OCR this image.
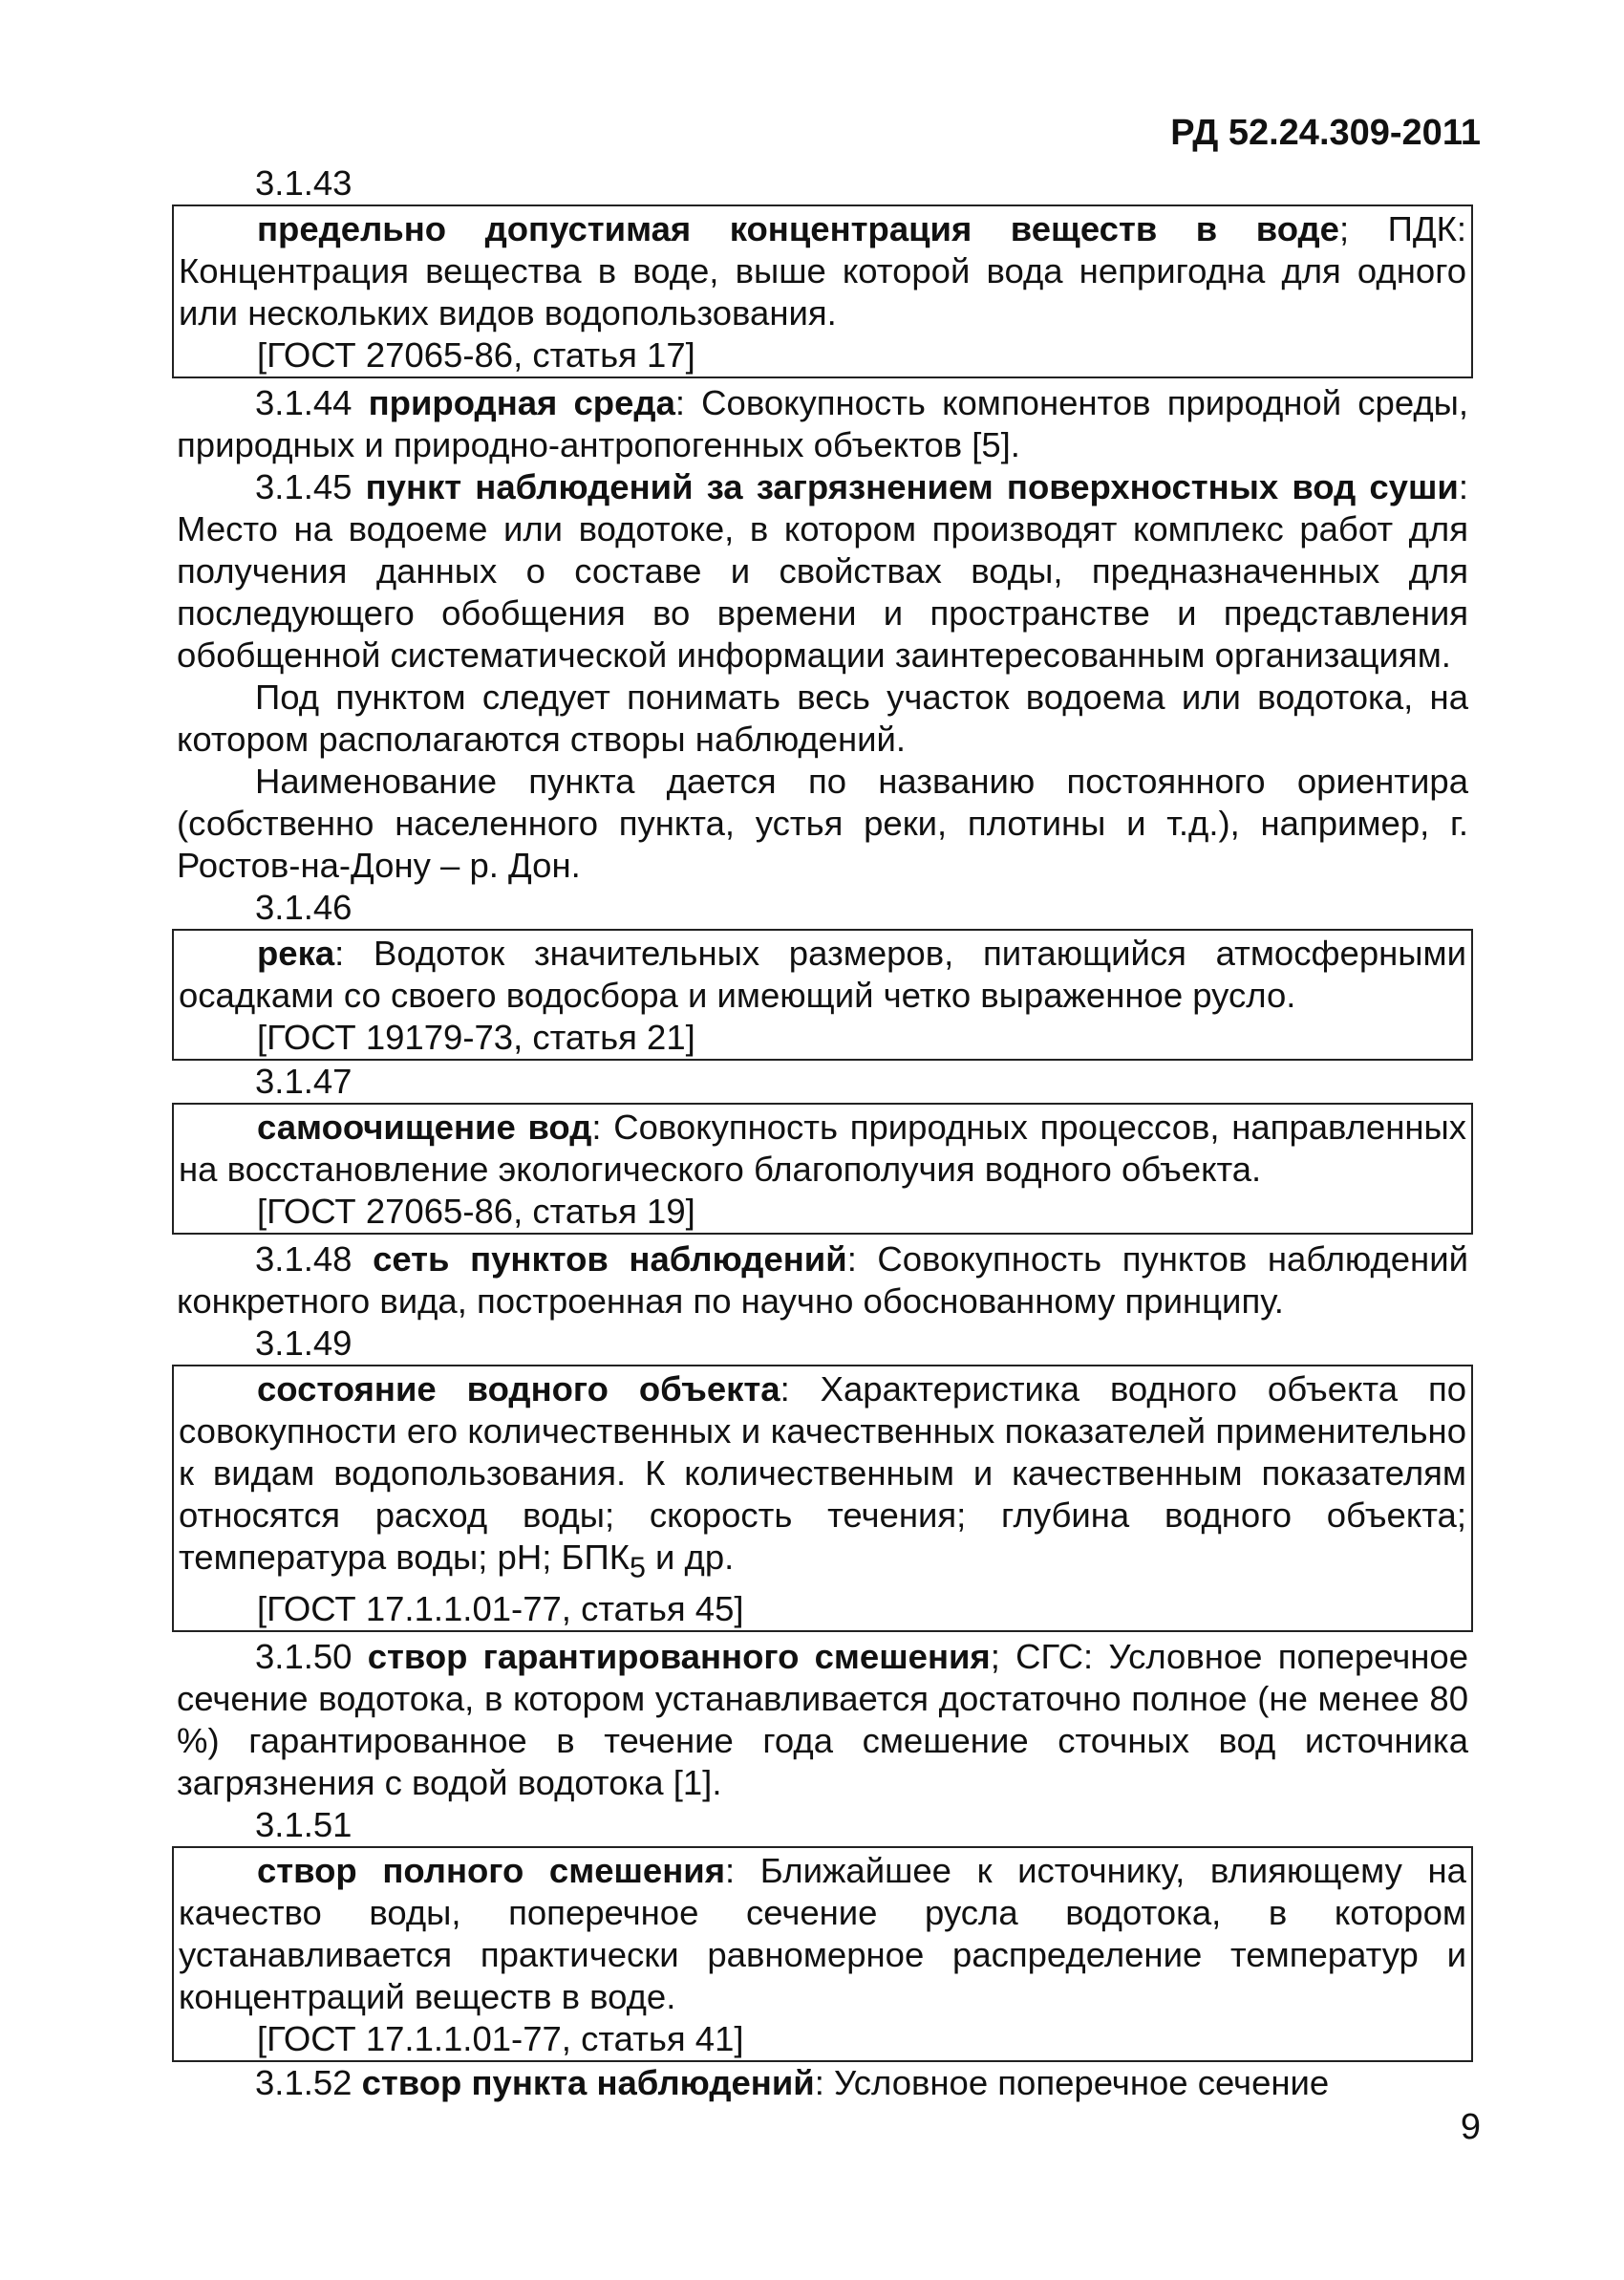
РД 52.24.309-2011
3.1.43

предельно допустимая концентрация веществ в воде; ПДК: Концентрация вещества в воде, выше которой вода непригодна для одного или нескольких видов водопользования.

[ГОСТ 27065-86, статья 17]

3.1.44 природная среда: Совокупность компонентов природной среды, природных и природно-антропогенных объектов [5].

3.1.45 пункт наблюдений за загрязнением поверхностных вод суши: Место на водоеме или водотоке, в котором производят комплекс работ для получения данных о составе и свойствах воды, предназначенных для последующего обобщения во времени и пространстве и представления обобщенной систематической информации заинтересованным организациям.

Под пунктом следует понимать весь участок водоема или водотока, на котором располагаются створы наблюдений.

Наименование пункта дается по названию постоянного ориентира (собственно населенного пункта, устья реки, плотины и т.д.), например, г. Ростов-на-Дону – р. Дон.

3.1.46

река: Водоток значительных размеров, питающийся атмосферными осадками со своего водосбора и имеющий четко выраженное русло.

[ГОСТ 19179-73, статья 21]
3.1.47

самоочищение вод: Совокупность природных процессов, направленных на восстановление экологического благополучия водного объекта.

[ГОСТ 27065-86, статья 19]

3.1.48 сеть пунктов наблюдений: Совокупность пунктов наблюдений конкретного вида, построенная по научно обоснованному принципу.

3.1.49

состояние водного объекта: Характеристика водного объекта по совокупности его количественных и качественных показателей применительно к видам водопользования. К количественным и качественным показателям относятся расход воды; скорость течения; глубина водного объекта; температура воды; pH; $БПК_5$ и др.

[ГОСТ 17.1.1.01-77, статья 45]

3.1.50 створ гарантированного смешения; СГС: Условное поперечное сечение водотока, в котором устанавливается достаточно полное (не менее 80 %) гарантированное в течение года смешение сточных вод источника загрязнения с водой водотока [1].

3.1.51

створ полного смешения: Ближайшее к источнику, влияющему на качество воды, поперечное сечение русла водотока, в котором устанавливается практически равномерное распределение температур и концентраций веществ в воде.

[ГОСТ 17.1.1.01-77, статья 41]

3.1.52 створ пункта наблюдений: Условное поперечное сечение

9
